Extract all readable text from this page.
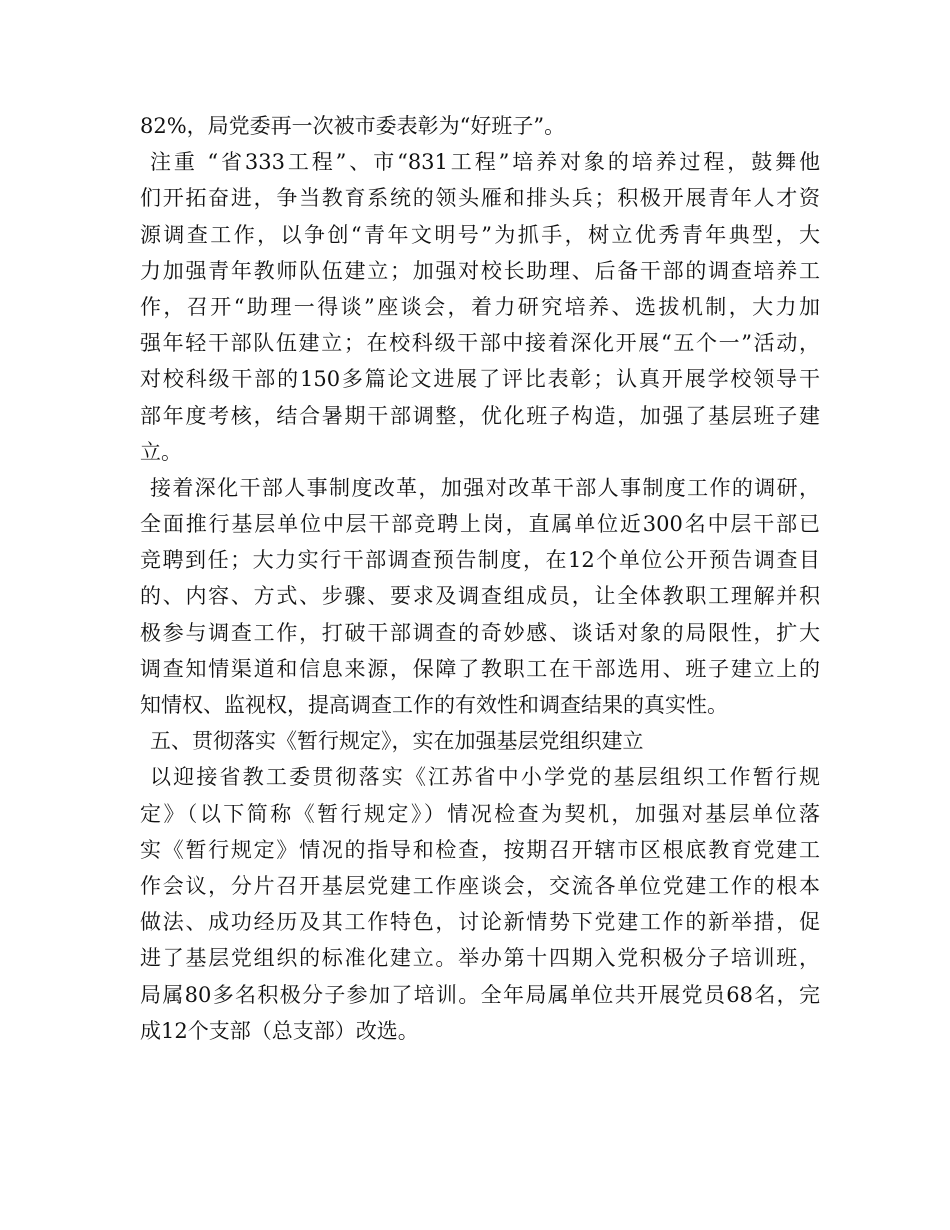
82%，局党委再一次被市委表彰为“好班子”。
注重 “省333工程”、市“831工程”培养对象的培养过程，鼓舞他
们开拓奋进，争当教育系统的领头雁和排头兵；积极开展青年人才资
源调查工作，以争创“青年文明号”为抓手，树立优秀青年典型，大
力加强青年教师队伍建立；加强对校长助理、后备干部的调查培养工
作，召开“助理一得谈”座谈会，着力研究培养、选拔机制，大力加
强年轻干部队伍建立；在校科级干部中接着深化开展“五个一”活动，
对校科级干部的150多篇论文进展了评比表彰；认真开展学校领导干
部年度考核，结合暑期干部调整，优化班子构造，加强了基层班子建
立。
接着深化干部人事制度改革，加强对改革干部人事制度工作的调研，
全面推行基层单位中层干部竞聘上岗，直属单位近300名中层干部已
竞聘到任；大力实行干部调查预告制度，在12个单位公开预告调查目
的、内容、方式、步骤、要求及调查组成员，让全体教职工理解并积
极参与调查工作，打破干部调查的奇妙感、谈话对象的局限性，扩大
调查知情渠道和信息来源，保障了教职工在干部选用、班子建立上的
知情权、监视权，提高调查工作的有效性和调查结果的真实性。
五、贯彻落实《暂行规定》，实在加强基层党组织建立
以迎接省教工委贯彻落实《江苏省中小学党的基层组织工作暂行规
定》（以下简称《暂行规定》）情况检查为契机，加强对基层单位落
实《暂行规定》情况的指导和检查，按期召开辖市区根底教育党建工
作会议，分片召开基层党建工作座谈会，交流各单位党建工作的根本
做法、成功经历及其工作特色，讨论新情势下党建工作的新举措，促
进了基层党组织的标准化建立。举办第十四期入党积极分子培训班，
局属80多名积极分子参加了培训。全年局属单位共开展党员68名，完
成12个支部（总支部）改选。
